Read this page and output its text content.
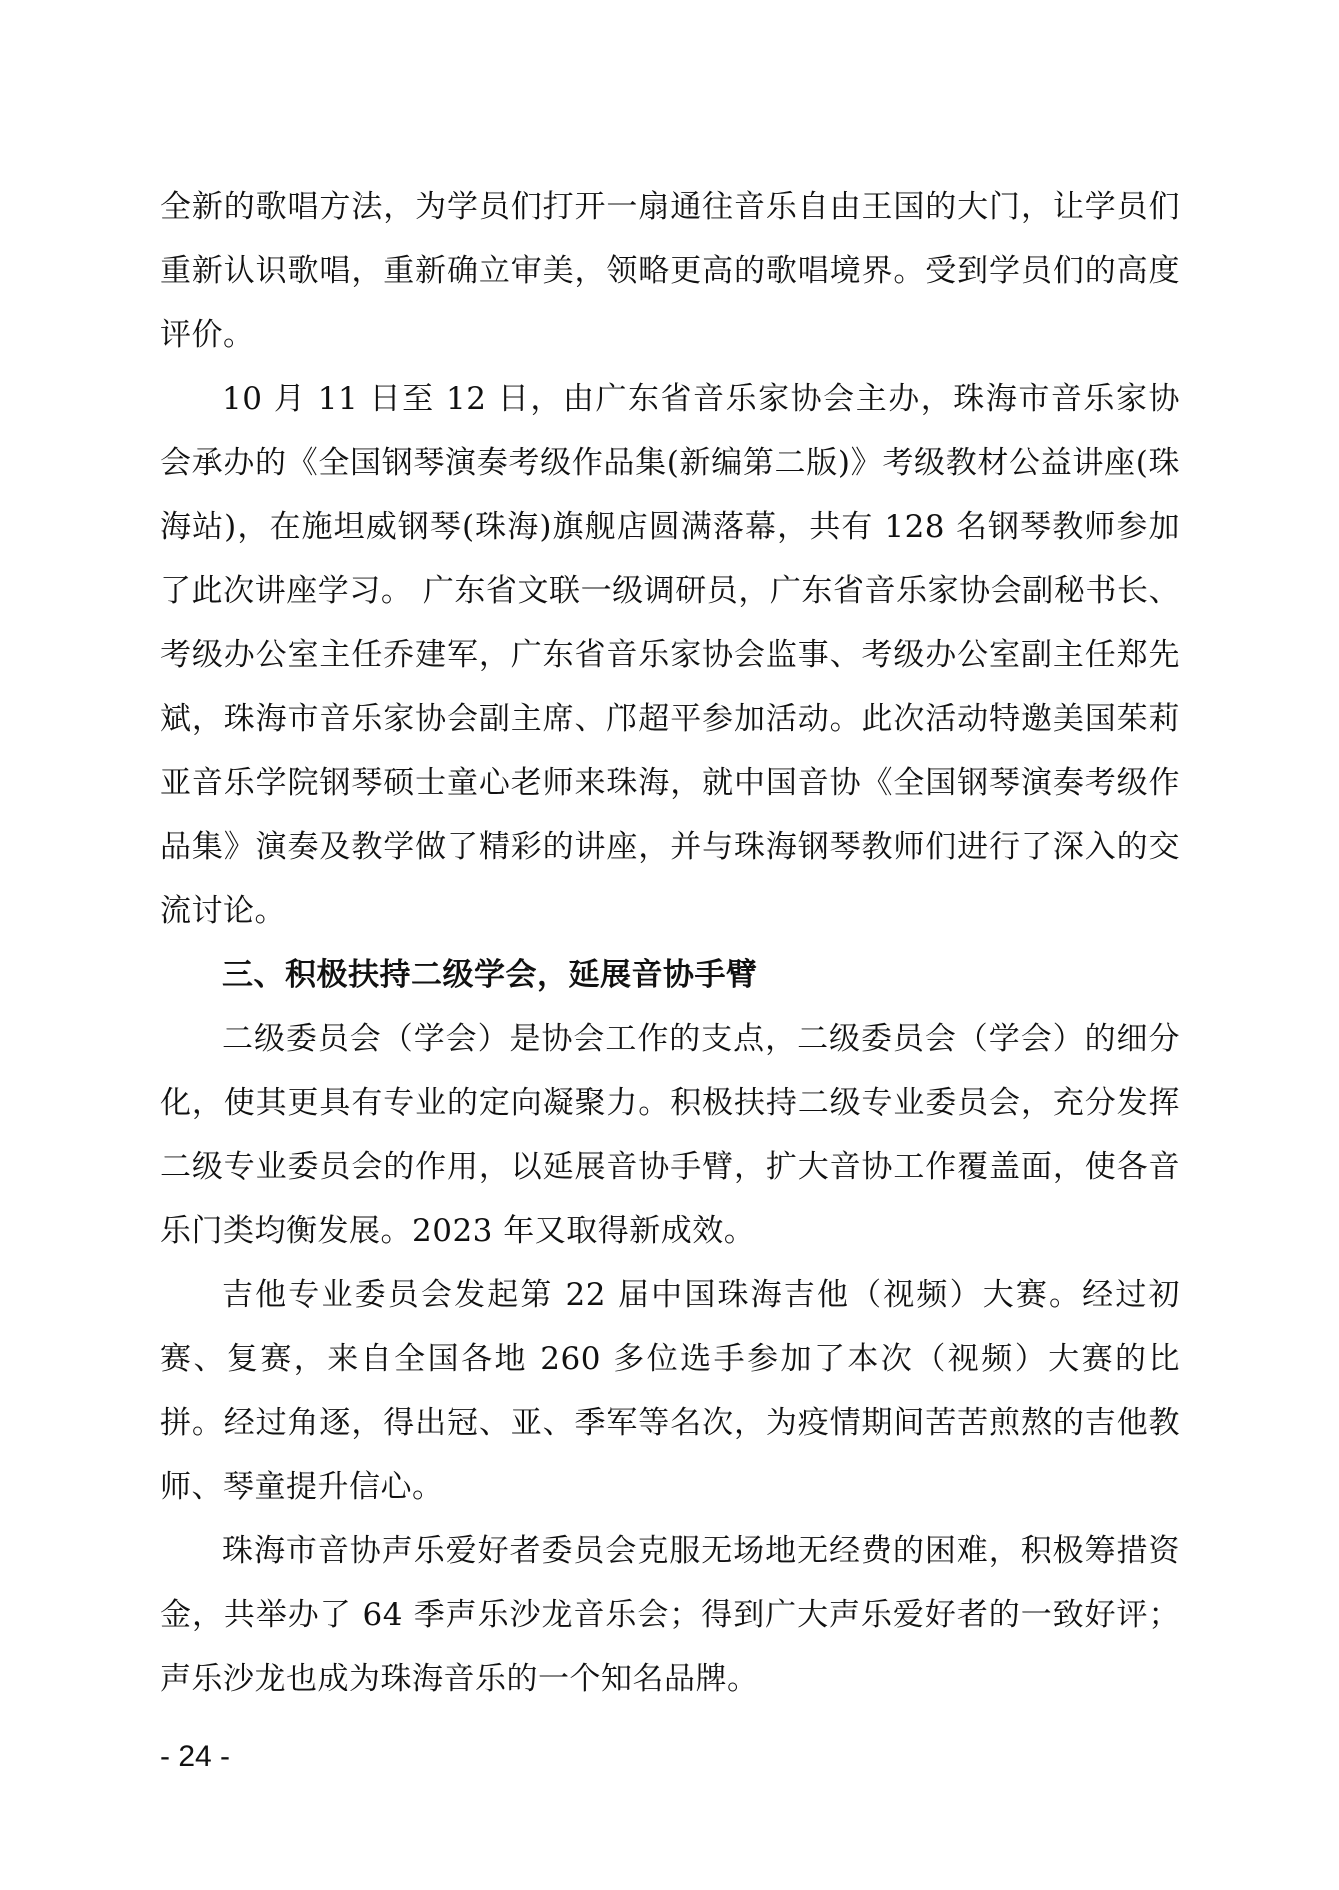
全新的歌唱方法，为学员们打开一扇通往音乐自由王国的大门，让学员们重新认识歌唱，重新确立审美，领略更高的歌唱境界。受到学员们的高度评价。

10 月 11 日至 12 日，由广东省音乐家协会主办，珠海市音乐家协会承办的《全国钢琴演奏考级作品集(新编第二版)》考级教材公益讲座(珠海站)，在施坦威钢琴(珠海)旗舰店圆满落幕，共有 128 名钢琴教师参加了此次讲座学习。 广东省文联一级调研员，广东省音乐家协会副秘书长、考级办公室主任乔建军，广东省音乐家协会监事、考级办公室副主任郑先斌，珠海市音乐家协会副主席、邝超平参加活动。此次活动特邀美国茱莉亚音乐学院钢琴硕士童心老师来珠海，就中国音协《全国钢琴演奏考级作品集》演奏及教学做了精彩的讲座，并与珠海钢琴教师们进行了深入的交流讨论。

三、积极扶持二级学会，延展音协手臂

二级委员会（学会）是协会工作的支点，二级委员会（学会）的细分化，使其更具有专业的定向凝聚力。积极扶持二级专业委员会，充分发挥二级专业委员会的作用，以延展音协手臂，扩大音协工作覆盖面，使各音乐门类均衡发展。2023 年又取得新成效。

吉他专业委员会发起第 22 届中国珠海吉他（视频）大赛。经过初赛、复赛，来自全国各地 260 多位选手参加了本次（视频）大赛的比拼。经过角逐，得出冠、亚、季军等名次，为疫情期间苦苦煎熬的吉他教师、琴童提升信心。

珠海市音协声乐爱好者委员会克服无场地无经费的困难，积极筹措资金，共举办了 64 季声乐沙龙音乐会；得到广大声乐爱好者的一致好评；声乐沙龙也成为珠海音乐的一个知名品牌。

- 24 -
